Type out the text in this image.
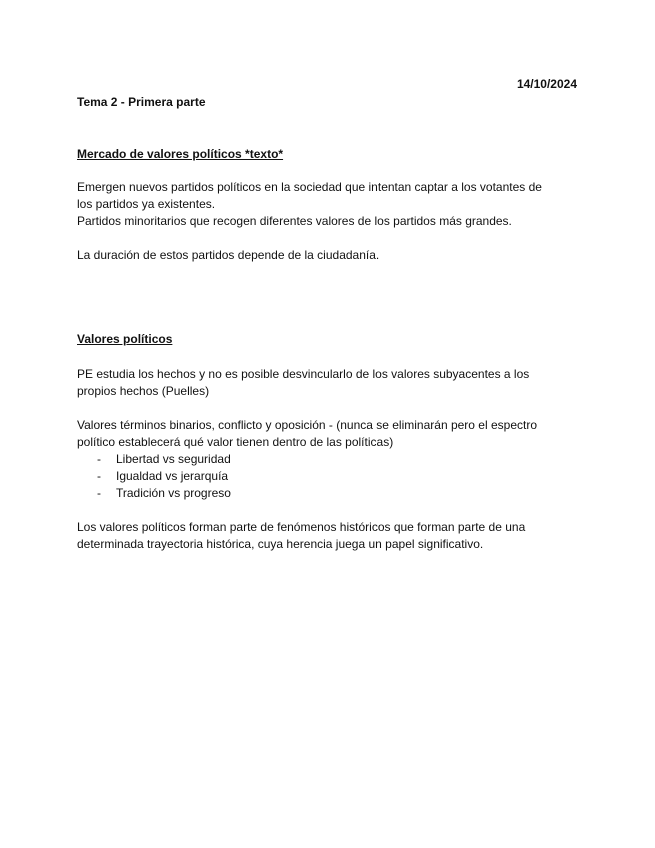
14/10/2024
Tema 2 - Primera parte
Mercado de valores políticos *texto*

Emergen nuevos partidos políticos en la sociedad que intentan captar a los votantes de

los partidos ya existentes.

Partidos minoritarios que recogen diferentes valores de los partidos más grandes.

La duración de estos partidos depende de la ciudadanía.

Valores políticos

PE estudia los hechos y no es posible desvincularlo de los valores subyacentes a los

propios hechos (Puelles)

Valores términos binarios, conflicto y oposición - (nunca se eliminarán pero el espectro

político establecerá qué valor tienen dentro de las políticas)

- Libertad vs seguridad
- Igualdad vs jerarquía
- Tradición vs progreso

Los valores políticos forman parte de fenómenos históricos que forman parte de una

determinada trayectoria histórica, cuya herencia juega un papel significativo.
